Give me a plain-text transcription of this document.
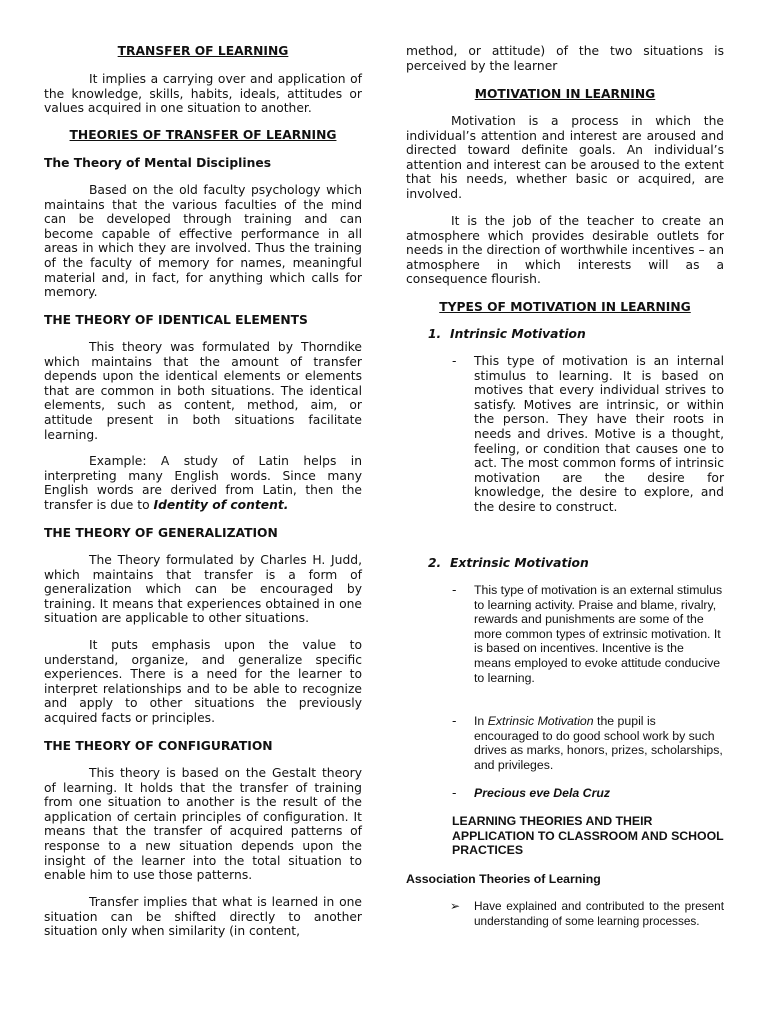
TRANSFER OF LEARNING
It implies a carrying over and application of the knowledge, skills, habits, ideals, attitudes or values acquired in one situation to another.
THEORIES OF TRANSFER OF LEARNING
The Theory of Mental Disciplines
Based on the old faculty psychology which maintains that the various faculties of the mind can be developed through training and can become capable of effective performance in all areas in which they are involved. Thus the training of the faculty of memory for names, meaningful material and, in fact, for anything which calls for memory.
THE THEORY OF IDENTICAL ELEMENTS
This theory was formulated by Thorndike which maintains that the amount of transfer depends upon the identical elements or elements that are common in both situations. The identical elements, such as content, method, aim, or attitude present in both situations facilitate learning.
Example: A study of Latin helps in interpreting many English words. Since many English words are derived from Latin, then the transfer is due to Identity of content.
THE THEORY OF GENERALIZATION
The Theory formulated by Charles H. Judd, which maintains that transfer is a form of generalization which can be encouraged by training. It means that experiences obtained in one situation are applicable to other situations.
It puts emphasis upon the value to understand, organize, and generalize specific experiences. There is a need for the learner to interpret relationships and to be able to recognize and apply to other situations the previously acquired facts or principles.
THE THEORY OF CONFIGURATION
This theory is based on the Gestalt theory of learning. It holds that the transfer of training from one situation to another is the result of the application of certain principles of configuration. It means that the transfer of acquired patterns of response to a new situation depends upon the insight of the learner into the total situation to enable him to use those patterns.
Transfer implies that what is learned in one situation can be shifted directly to another situation only when similarity (in content,
method, or attitude) of the two situations is perceived by the learner
MOTIVATION IN LEARNING
Motivation is a process in which the individual’s attention and interest are aroused and directed toward definite goals. An individual’s attention and interest can be aroused to the extent that his needs, whether basic or acquired, are involved.
It is the job of the teacher to create an atmosphere which provides desirable outlets for needs in the direction of worthwhile incentives – an atmosphere in which interests will as a consequence flourish.
TYPES OF MOTIVATION IN LEARNING
1. Intrinsic Motivation
-	This type of motivation is an internal stimulus to learning. It is based on motives that every individual strives to satisfy. Motives are intrinsic, or within the person. They have their roots in needs and drives. Motive is a thought, feeling, or condition that causes one to act. The most common forms of intrinsic motivation are the desire for knowledge, the desire to explore, and the desire to construct.
2. Extrinsic Motivation
-	This type of motivation is an external stimulus to learning activity. Praise and blame, rivalry, rewards and punishments are some of the more common types of extrinsic motivation. It is based on incentives. Incentive is the means employed to evoke attitude conducive to learning.
-	In Extrinsic Motivation the pupil is encouraged to do good school work by such drives as marks, honors, prizes, scholarships, and privileges.
-	Precious eve Dela Cruz
LEARNING THEORIES AND THEIR APPLICATION TO CLASSROOM AND SCHOOL PRACTICES
Association Theories of Learning
➢	Have explained and contributed to the present understanding of some learning processes.
